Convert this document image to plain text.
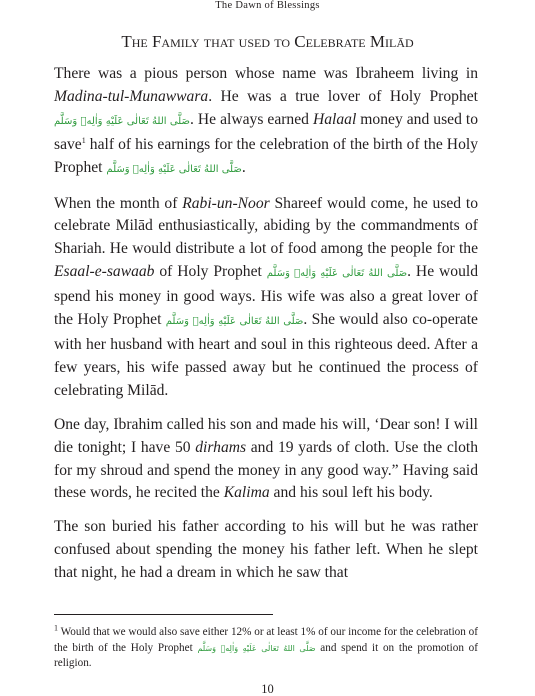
The Dawn of Blessings
The Family that used to Celebrate Milād

There was a pious person whose name was Ibraheem living in Madina-tul-Munawwara. He was a true lover of Holy Prophet صَلَّى اللهُ تَعَالٰی عَلَيْهِ وَاٰلِهٖ وَسَلَّم. He always earned Halaal money and used to save$^1$ half of his earnings for the celebration of the birth of the Holy Prophet صَلَّى اللهُ تَعَالٰی عَلَيْهِ وَاٰلِهٖ وَسَلَّم.

When the month of Rabi-un-Noor Shareef would come, he used to celebrate Milād enthusiastically, abiding by the commandments of Shariah. He would distribute a lot of food among the people for the Esaal-e-sawaab of Holy Prophet صَلَّى اللهُ تَعَالٰی عَلَيْهِ وَاٰلِهٖ وَسَلَّم. He would spend his money in good ways. His wife was also a great lover of the Holy Prophet صَلَّى اللهُ تَعَالٰی عَلَيْهِ وَاٰلِهٖ وَسَلَّم. She would also co-operate with her husband with heart and soul in this righteous deed. After a few years, his wife passed away but he continued the process of celebrating Milād.

One day, Ibrahim called his son and made his will, ‘Dear son! I will die tonight; I have 50 dirhams and 19 yards of cloth. Use the cloth for my shroud and spend the money in any good way.” Having said these words, he recited the Kalima and his soul left his body.

The son buried his father according to his will but he was rather confused about spending the money his father left. When he slept that night, he had a dream in which he saw that

$^1$ Would that we would also save either 12% or at least 1% of our income for the celebration of the birth of the Holy Prophet صَلَّى اللهُ تَعَالٰی عَلَيْهِ وَاٰلِهٖ وَسَلَّم and spend it on the promotion of religion.
10
